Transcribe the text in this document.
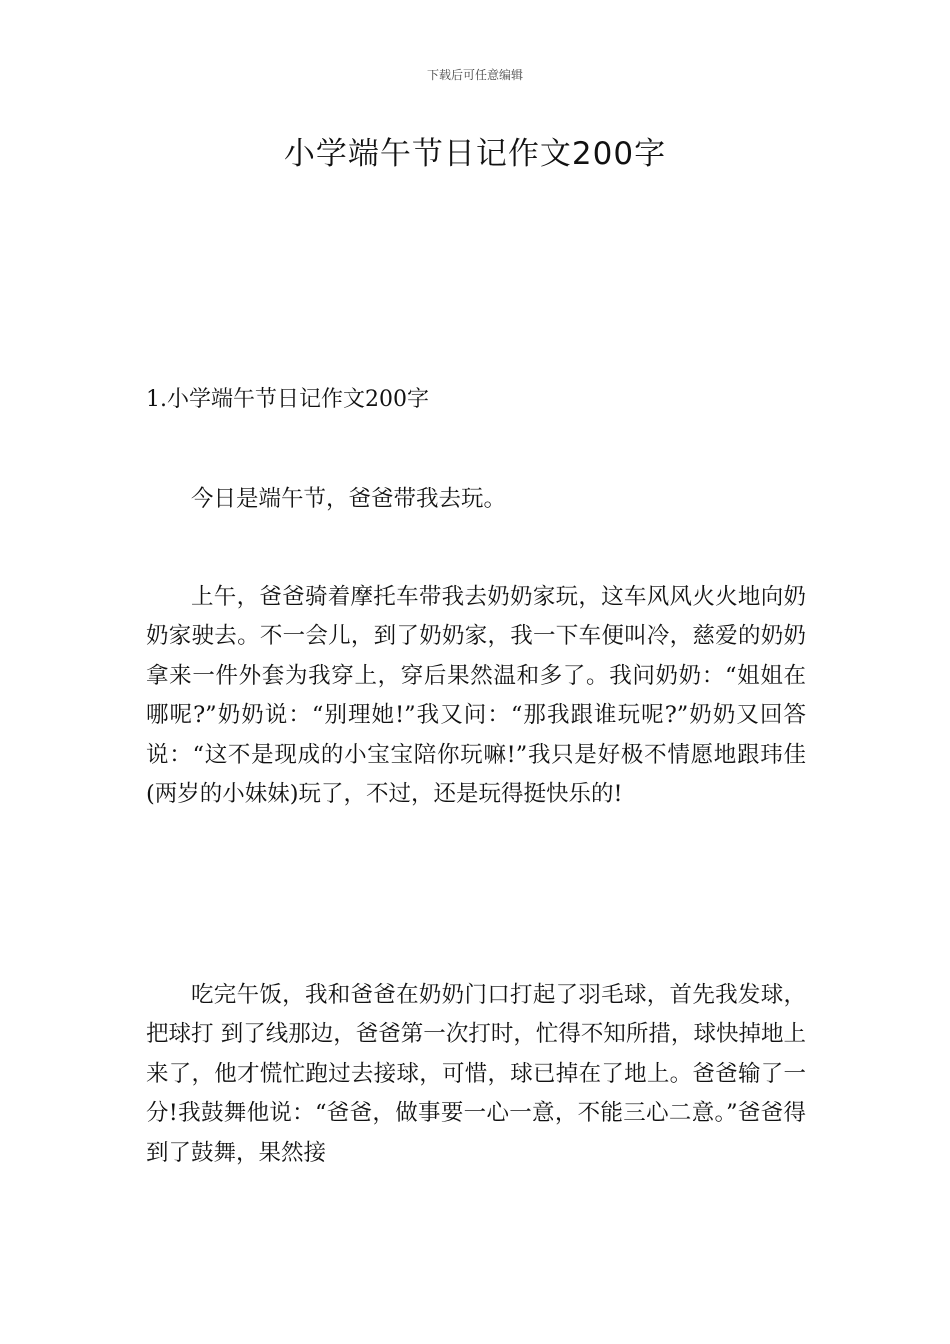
下载后可任意编辑
小学端午节日记作文200字
1.小学端午节日记作文200字

今日是端午节，爸爸带我去玩。

上午，爸爸骑着摩托车带我去奶奶家玩，这车风风火火地向奶奶家驶去。不一会儿，到了奶奶家，我一下车便叫冷，慈爱的奶奶拿来一件外套为我穿上，穿后果然温和多了。我问奶奶：“姐姐在哪呢?”奶奶说：“别理她!”我又问：“那我跟谁玩呢?”奶奶又回答说：“这不是现成的小宝宝陪你玩嘛!”我只是好极不情愿地跟玮佳(两岁的小妹妹)玩了，不过，还是玩得挺快乐的!

吃完午饭，我和爸爸在奶奶门口打起了羽毛球，首先我发球，把球打 到了线那边，爸爸第一次打时，忙得不知所措，球快掉地上来了，他才慌忙跑过去接球，可惜，球已掉在了地上。爸爸输了一分!我鼓舞他说：“爸爸，做事要一心一意，不能三心二意。”爸爸得到了鼓舞，果然接
